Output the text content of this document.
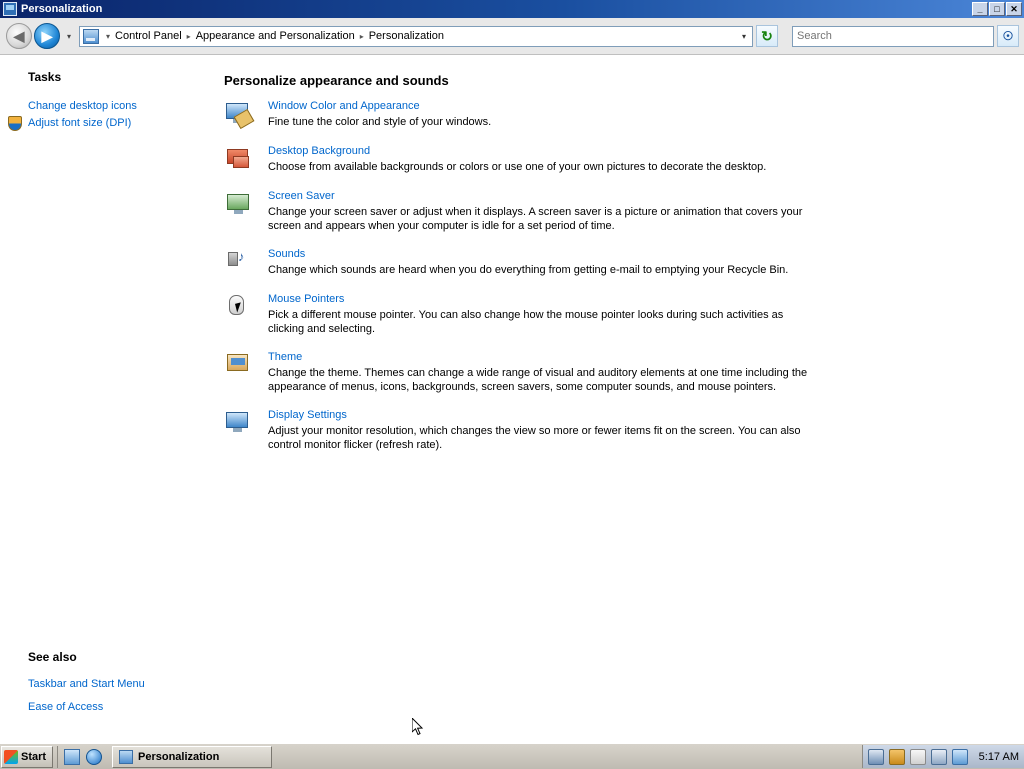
Personalization	_	□	✕
◀	▶	▾	▾ Control Panel ▸ Appearance and Personalization ▸ Personalization	▾	↻
Search	☉
Tasks
Change desktop icons
Adjust font size (DPI)
See also
Taskbar and Start Menu
Ease of Access
Personalize appearance and sounds
Window Color and Appearance
Fine tune the color and style of your windows.
Desktop Background
Choose from available backgrounds or colors or use one of your own pictures to decorate the desktop.
Screen Saver
Change your screen saver or adjust when it displays. A screen saver is a picture or animation that covers your screen and appears when your computer is idle for a set period of time.
♪ Sounds
Change which sounds are heard when you do everything from getting e-mail to emptying your Recycle Bin.
Mouse Pointers
Pick a different mouse pointer. You can also change how the mouse pointer looks during such activities as clicking and selecting.
Theme
Change the theme. Themes can change a wide range of visual and auditory elements at one time including the appearance of menus, icons, backgrounds, screen savers, some computer sounds, and mouse pointers.
Display Settings
Adjust your monitor resolution, which changes the view so more or fewer items fit on the screen. You can also control monitor flicker (refresh rate).
Start	Personalization	5:17 AM
